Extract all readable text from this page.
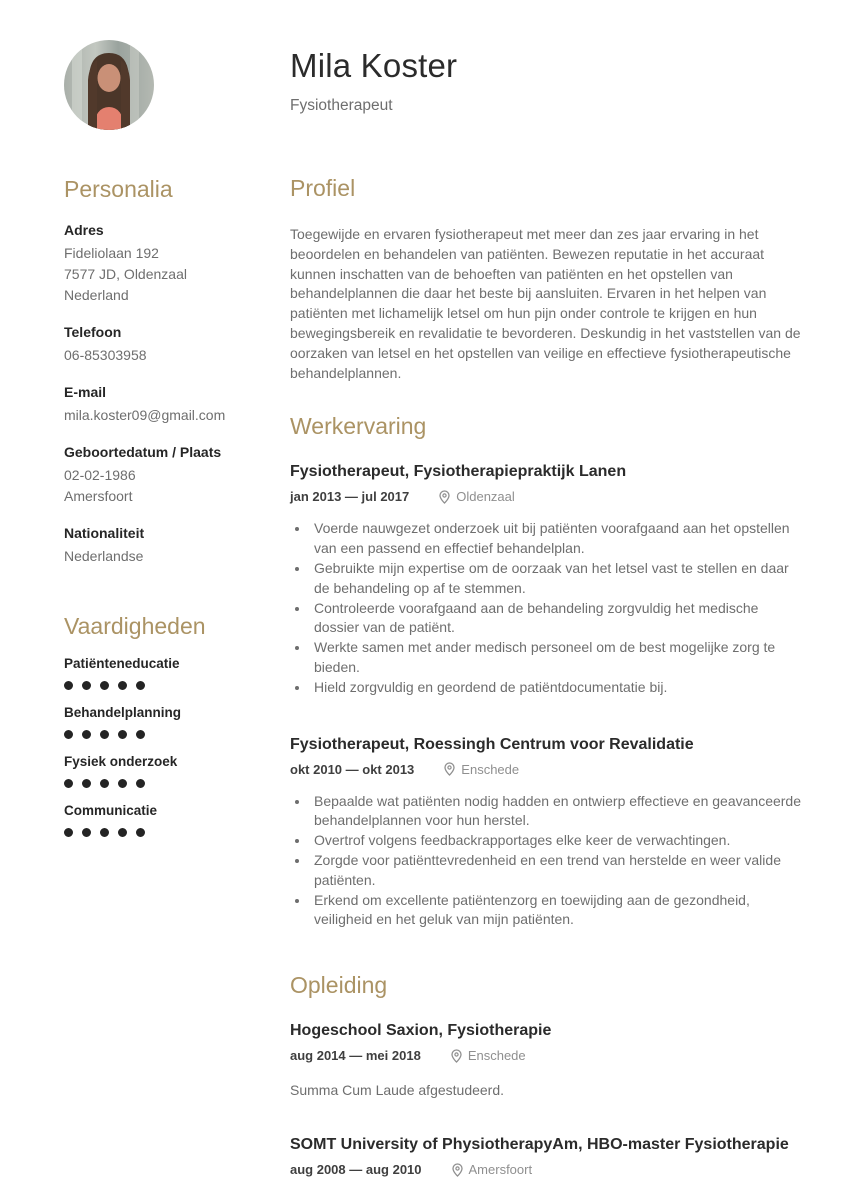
Personalia
Adres
Fideliolaan 192
7577 JD, Oldenzaal
Nederland
Telefoon
06-85303958
E-mail
mila.koster09@gmail.com
Geboortedatum / Plaats
02-02-1986
Amersfoort
Nationaliteit
Nederlandse
Vaardigheden
Patiënteneducatie
Behandelplanning
Fysiek onderzoek
Communicatie
Mila Koster
Fysiotherapeut
Profiel

Toegewijde en ervaren fysiotherapeut met meer dan zes jaar ervaring in het beoordelen en behandelen van patiënten. Bewezen reputatie in het accuraat kunnen inschatten van de behoeften van patiënten en het opstellen van behandelplannen die daar het beste bij aansluiten. Ervaren in het helpen van patiënten met lichamelijk letsel om hun pijn onder controle te krijgen en hun bewegingsbereik en revalidatie te bevorderen. Deskundig in het vaststellen van de oorzaken van letsel en het opstellen van veilige en effectieve fysiotherapeutische behandelplannen.

Werkervaring
Fysiotherapeut, Fysiotherapiepraktijk Lanen
jan 2013 — jul 2017	Oldenzaal
• Voerde nauwgezet onderzoek uit bij patiënten voorafgaand aan het opstellen van een passend en effectief behandelplan.
• Gebruikte mijn expertise om de oorzaak van het letsel vast te stellen en daar de behandeling op af te stemmen.
• Controleerde voorafgaand aan de behandeling zorgvuldig het medische dossier van de patiënt.
• Werkte samen met ander medisch personeel om de best mogelijke zorg te bieden.
• Hield zorgvuldig en geordend de patiëntdocumentatie bij.
Fysiotherapeut, Roessingh Centrum voor Revalidatie
okt 2010 — okt 2013	Enschede
• Bepaalde wat patiënten nodig hadden en ontwierp effectieve en geavanceerde behandelplannen voor hun herstel.
• Overtrof volgens feedbackrapportages elke keer de verwachtingen.
• Zorgde voor patiënttevredenheid en een trend van herstelde en weer valide patiënten.
• Erkend om excellente patiëntenzorg en toewijding aan de gezondheid, veiligheid en het geluk van mijn patiënten.
Opleiding
Hogeschool Saxion, Fysiotherapie
aug 2014 — mei 2018	Enschede

Summa Cum Laude afgestudeerd.

SOMT University of PhysiotherapyAm, HBO-master Fysiotherapie
aug 2008 — aug 2010	Amersfoort
